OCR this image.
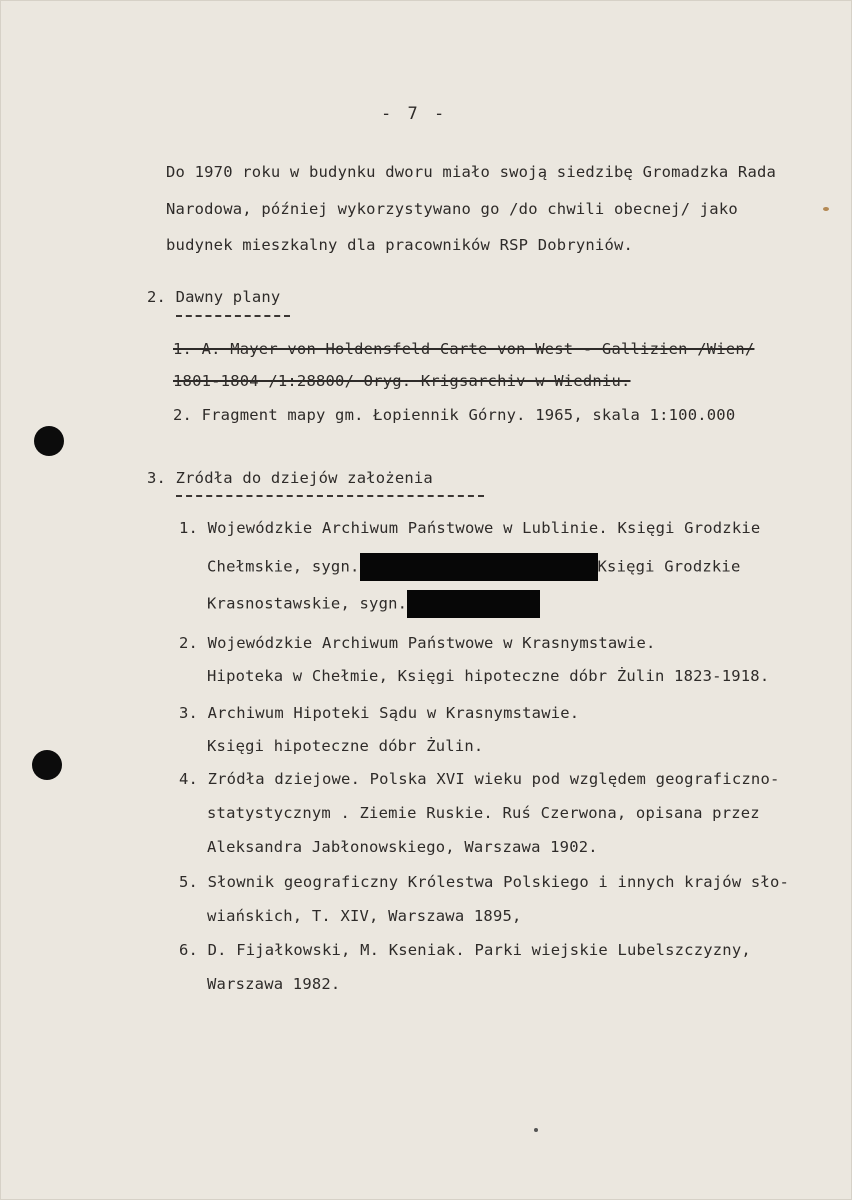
- 7 -
Do 1970 roku w budynku dworu miało swoją siedzibę Gromadzka Rada
Narodowa, później wykorzystywano go /do chwili obecnej/ jako
budynek mieszkalny dla pracowników RSP Dobryniów.
2. Dawny plany
1. A. Mayer von Holdensfeld Carte von West - Gallizien /Wien/
1801-1804 /1:28800/ Oryg. Krigsarchiv w Wiedniu.
2. Fragment mapy gm. Łopiennik Górny. 1965, skala 1:100.000
3. Zródła do dziejów założenia
1. Wojewódzkie Archiwum Państwowe w Lublinie. Księgi Grodzkie
Chełmskie, sygn.	Księgi Grodzkie
Krasnostawskie, sygn.
2. Wojewódzkie Archiwum Państwowe w Krasnymstawie.
Hipoteka w Chełmie, Księgi hipoteczne dóbr Żulin 1823-1918.
3. Archiwum Hipoteki Sądu w Krasnymstawie.
Księgi hipoteczne dóbr Żulin.
4. Zródła dziejowe. Polska XVI wieku pod względem geograficzno-
statystycznym . Ziemie Ruskie. Ruś Czerwona, opisana przez
Aleksandra Jabłonowskiego, Warszawa 1902.
5. Słownik geograficzny Królestwa Polskiego i innych krajów sło-
wiańskich, T. XIV, Warszawa 1895,
6. D. Fijałkowski, M. Kseniak. Parki wiejskie Lubelszczyzny,
Warszawa 1982.
